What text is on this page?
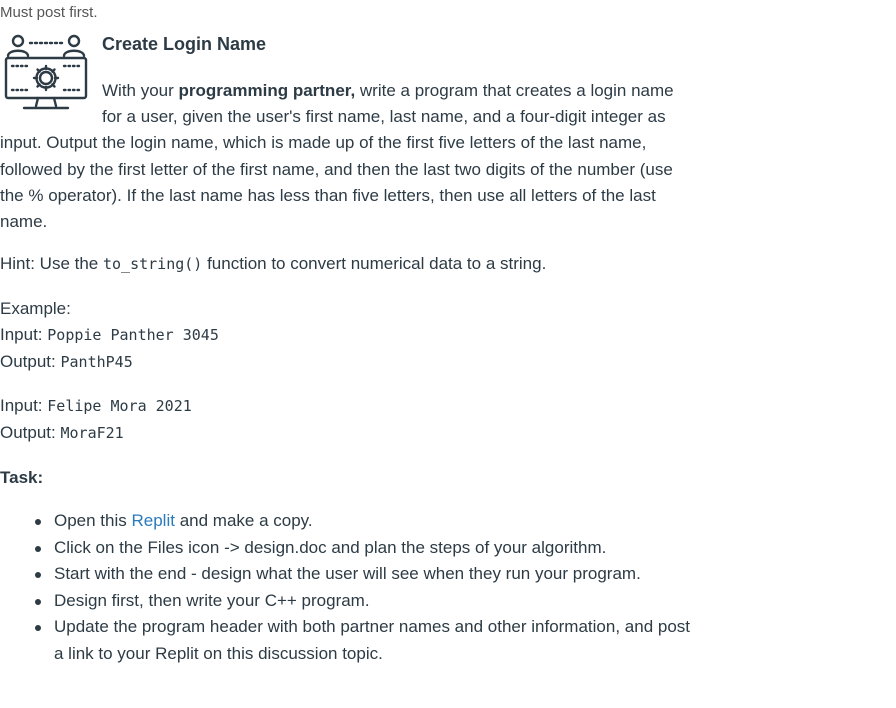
Must post first.
Create Login Name
With your programming partner, write a program that creates a login name for a user, given the user's first name, last name, and a four-digit integer as input. Output the login name, which is made up of the first five letters of the last name, followed by the first letter of the first name, and then the last two digits of the number (use the % operator). If the last name has less than five letters, then use all letters of the last name.
Hint: Use the to_string() function to convert numerical data to a string.
Example:
Input: Poppie Panther 3045
Output: PanthP45
Input: Felipe Mora 2021
Output: MoraF21
Task:
Open this Replit and make a copy.
Click on the Files icon -> design.doc and plan the steps of your algorithm.
Start with the end - design what the user will see when they run your program.
Design first, then write your C++ program.
Update the program header with both partner names and other information, and post a link to your Replit on this discussion topic.
